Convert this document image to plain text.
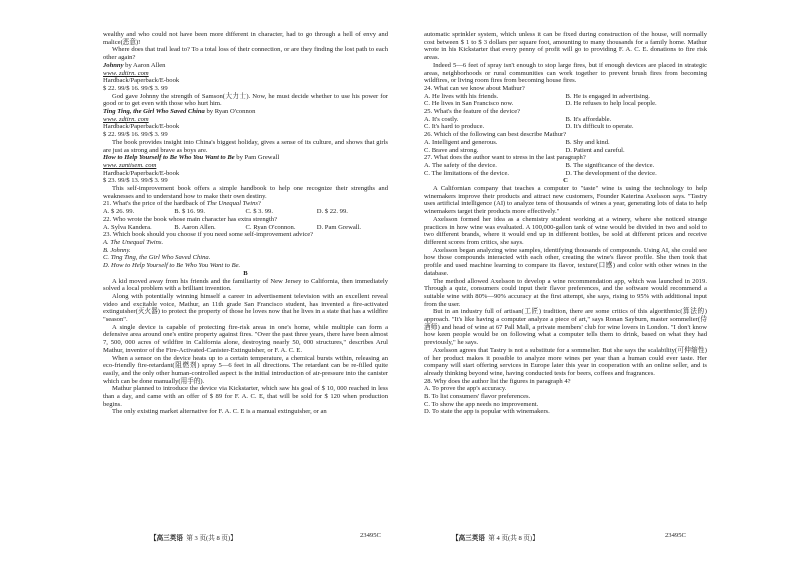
wealthy and who could not have been more different in character, had to go through a hell of envy and malice(恶意)!

Where does that trail lead to? To a total loss of their connection, or are they finding the lost path to each other again?

Johnny by Aaron Allen

www. zdtirn. com

Hardback/Paperback/E-book

$ 22. 99/$ 16. 99/$ 3. 99

God gave Johnny the strength of Samson(大力士). Now, he must decide whether to use his power for good or to get even with those who hurt him.

Ting Ting, the Girl Who Saved China by Ryan O'connon

www. zdtirn. com

Hardback/Paperback/E-book

$ 22. 99/$ 16. 99/$ 3. 99

The book provides insight into China's biggest holiday, gives a sense of its culture, and shows that girls are just as strong and brave as boys are.

How to Help Yourself to Be Who You Want to Be by Pam Grewall

www. zantisem. com

Hardback/Paperback/E-book

$ 23. 99/$ 13. 99/$ 3. 99

This self-improvement book offers a simple handbook to help one recognize their strengths and weaknesses and to understand how to make their own destiny.

21. What's the price of the hardback of The Unequal Twins?

A. $ 26. 99.	B. $ 16. 99.	C. $ 3. 99.	D. $ 22. 99.

22. Who wrote the book whose main character has extra strength?

A. Sylva Kandera.	B. Aaron Allen.	C. Ryan O'connon.	D. Pam Grewall.

23. Which book should you choose if you need some self-improvement advice?

A. The Unequal Twins.

B. Johnny.

C. Ting Ting, the Girl Who Saved China.

D. How to Help Yourself to Be Who You Want to Be.

B

A kid moved away from his friends and the familiarity of New Jersey to California, then immediately solved a local problem with a brilliant invention.

Along with potentially winning himself a career in advertisement television with an excellent reveal video and excitable voice, Mathur, an 11th grade San Francisco student, has invented a fire-activated extinguisher(灭火器) to protect the property of those he loves now that he lives in a state that has a wildfire "season".

A single device is capable of protecting fire-risk areas in one's home, while multiple can form a defensive area around one's entire property against fires. "Over the past three years, there have been almost 7, 500, 000 acres of wildfire in California alone, destroying nearly 50, 000 structures," describes Arul Mathur, inventor of the Fire-Activated-Canister-Extinguisher, or F. A. C. E.

When a sensor on the device heats up to a certain temperature, a chemical bursts within, releasing an eco-friendly fire-retardant(阻燃剂) spray 5—6 feet in all directions. The retardant can be re-filled quite easily, and the only other human-controlled aspect is the initial introduction of air-pressure into the canister which can be done manually(用手的).

Mathur planned to introduce the device via Kickstarter, which saw his goal of $ 10, 000 reached in less than a day, and came with an offer of $ 89 for F. A. C. E, that will be sold for $ 120 when production begins.

The only existing market alternative for F. A. C. E is a manual extinguisher, or an

【高三英语 第 3 页(共 8 页)】	23495C

automatic sprinkler system, which unless it can be fixed during construction of the house, will normally cost between $ 1 to $ 3 dollars per square foot, amounting to many thousands for a family home. Mathur wrote in his Kickstarter that every penny of profit will go to providing F. A. C. E. donations to fire risk areas.

Indeed 5—6 feet of spray isn't enough to stop large fires, but if enough devices are placed in strategic areas, neighborhoods or rural communities can work together to prevent brush fires from becoming wildfires, or living room fires from becoming house fires.

24. What can we know about Mathur?

A. He lives with his friends.	B. He is engaged in advertising.
C. He lives in San Francisco now.	D. He refuses to help local people.

25. What's the feature of the device?

A. It's costly.	B. It's affordable.
C. It's hard to produce.	D. It's difficult to operate.

26. Which of the following can best describe Mathur?

A. Intelligent and generous.	B. Shy and kind.
C. Brave and strong.	D. Patient and careful.

27. What does the author want to stress in the last paragraph?

A. The safety of the device.	B. The significance of the device.
C. The limitations of the device.	D. The development of the device.

C

A Californian company that teaches a computer to "taste" wine is using the technology to help winemakers improve their products and attract new customers, Founder Katerina Axelsson says. "Tastry uses artificial intelligence (AI) to analyze tens of thousands of wines a year, generating lots of data to help winemakers target their products more effectively."

Axelsson formed her idea as a chemistry student working at a winery, where she noticed strange practices in how wine was evaluated. A 100,000-gallon tank of wine would be divided in two and sold to two different brands, where it would end up in different bottles, be sold at different prices and receive different scores from critics, she says.

Axelsson began analyzing wine samples, identifying thousands of compounds. Using AI, she could see how those compounds interacted with each other, creating the wine's flavor profile. She then took that profile and used machine learning to compare its flavor, texture(口感) and color with other wines in the database.

The method allowed Axelsson to develop a wine recommendation app, which was launched in 2019. Through a quiz, consumers could input their flavor preferences, and the software would recommend a suitable wine with 80%—90% accuracy at the first attempt, she says, rising to 95% with additional input from the user.

But in an industry full of artisan(工匠) tradition, there are some critics of this algorithmic(算法的) approach. "It's like having a computer analyze a piece of art," says Ronan Sayburn, master sommelier(侍酒师) and head of wine at 67 Pall Mall, a private members' club for wine lovers in London. "I don't know how keen people would be on following what a computer tells them to drink, based on what they had previously," he says.

Axelsson agrees that Tastry is not a substitute for a sommelier. But she says the scalability(可伸缩性) of her product makes it possible to analyze more wines per year than a human could ever taste. Her company will start offering services in Europe later this year in cooperation with an online seller, and is already thinking beyond wine, having conducted tests for beers, coffees and fragrances.

28. Why does the author list the figures in paragraph 4?

A. To prove the app's accuracy.

B. To list consumers' flavor preferences.

C. To show the app needs no improvement.

D. To state the app is popular with winemakers.

【高三英语 第 4 页(共 8 页)】	23495C
